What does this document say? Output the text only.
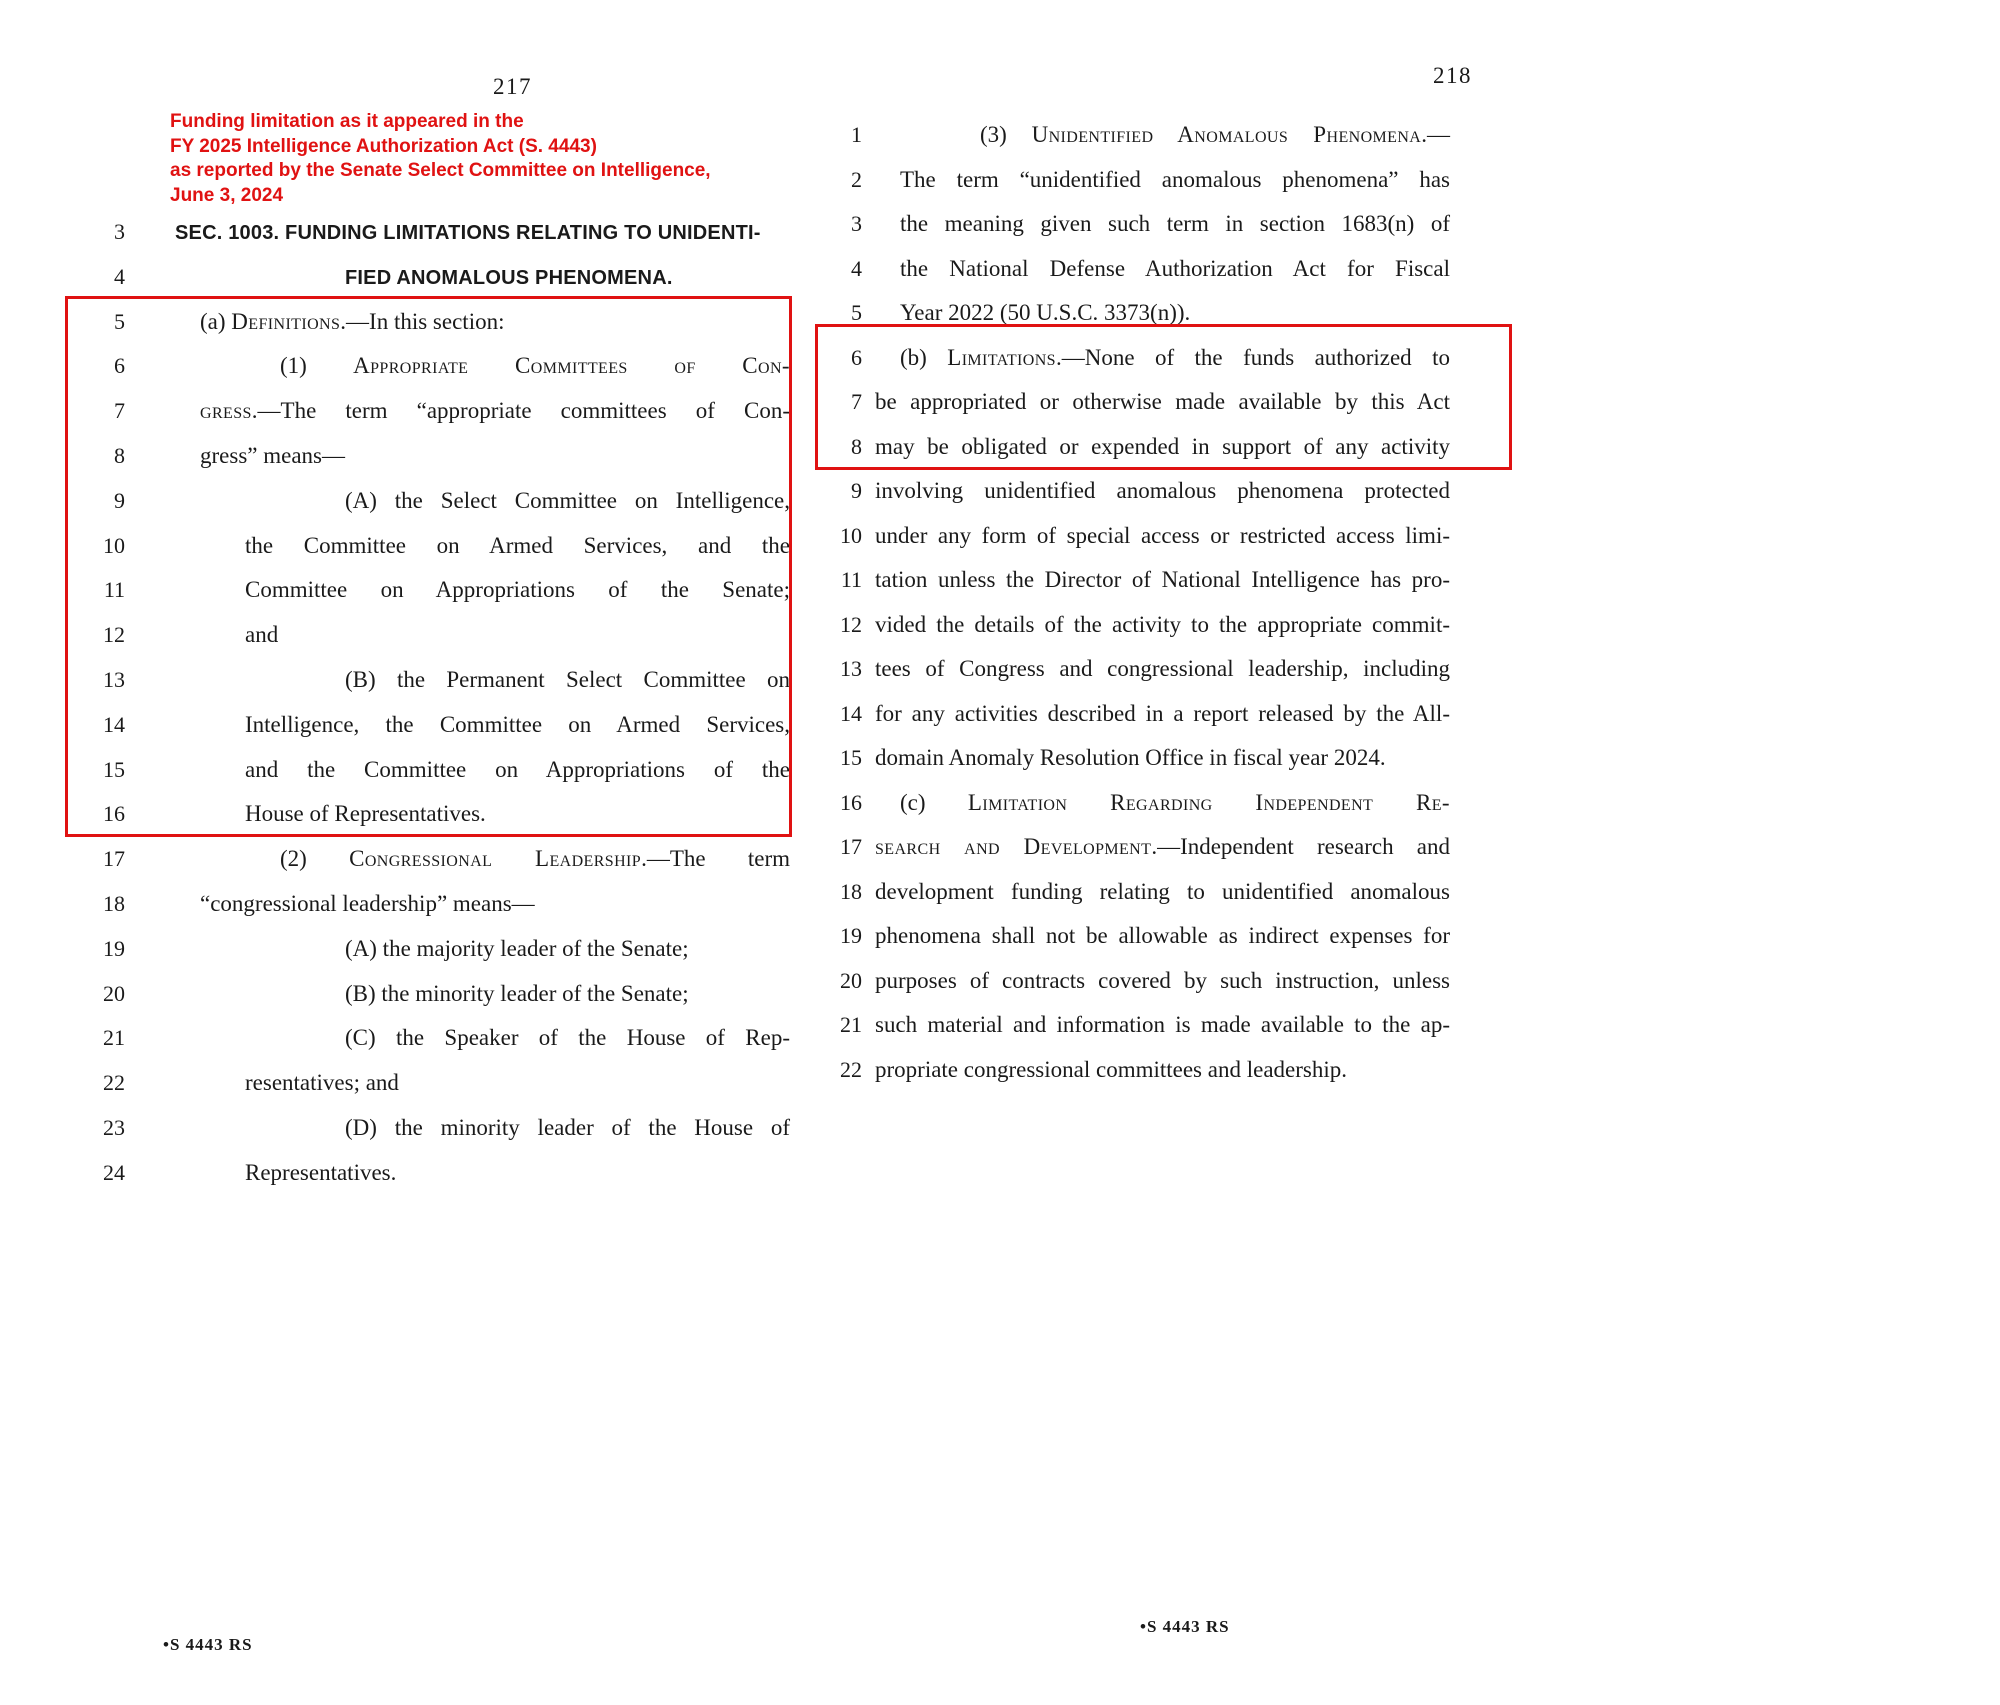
217
Funding limitation as it appeared in the
FY 2025 Intelligence Authorization Act (S. 4443)
as reported by the Senate Select Committee on Intelligence,
June 3, 2024
3	SEC. 1003. FUNDING LIMITATIONS RELATING TO UNIDENTI-
4	FIED ANOMALOUS PHENOMENA.
5	(a) Definitions.—In this section:
6	(1) Appropriate Committees of Con-
7	gress.—The term “appropriate committees of Con-
8	gress” means—
9	(A) the Select Committee on Intelligence,
10	the Committee on Armed Services, and the
11	Committee on Appropriations of the Senate;
12	and
13	(B) the Permanent Select Committee on
14	Intelligence, the Committee on Armed Services,
15	and the Committee on Appropriations of the
16	House of Representatives.
17	(2) Congressional Leadership.—The term
18	“congressional leadership” means—
19	(A) the majority leader of the Senate;
20	(B) the minority leader of the Senate;
21	(C) the Speaker of the House of Rep-
22	resentatives; and
23	(D) the minority leader of the House of
24	Representatives.
•S 4443 RS
218
1	(3) Unidentified Anomalous Phenomena.—
2	The term “unidentified anomalous phenomena” has
3	the meaning given such term in section 1683(n) of
4	the National Defense Authorization Act for Fiscal
5	Year 2022 (50 U.S.C. 3373(n)).
6	(b) Limitations.—None of the funds authorized to
7 be appropriated or otherwise made available by this Act
8 may be obligated or expended in support of any activity
9 involving unidentified anomalous phenomena protected
10 under any form of special access or restricted access limi-
11 tation unless the Director of National Intelligence has pro-
12 vided the details of the activity to the appropriate commit-
13 tees of Congress and congressional leadership, including
14 for any activities described in a report released by the All-
15 domain Anomaly Resolution Office in fiscal year 2024.
16	(c) Limitation Regarding Independent Re-
17 search and Development.—Independent research and
18 development funding relating to unidentified anomalous
19 phenomena shall not be allowable as indirect expenses for
20 purposes of contracts covered by such instruction, unless
21 such material and information is made available to the ap-
22 propriate congressional committees and leadership.
•S 4443 RS
